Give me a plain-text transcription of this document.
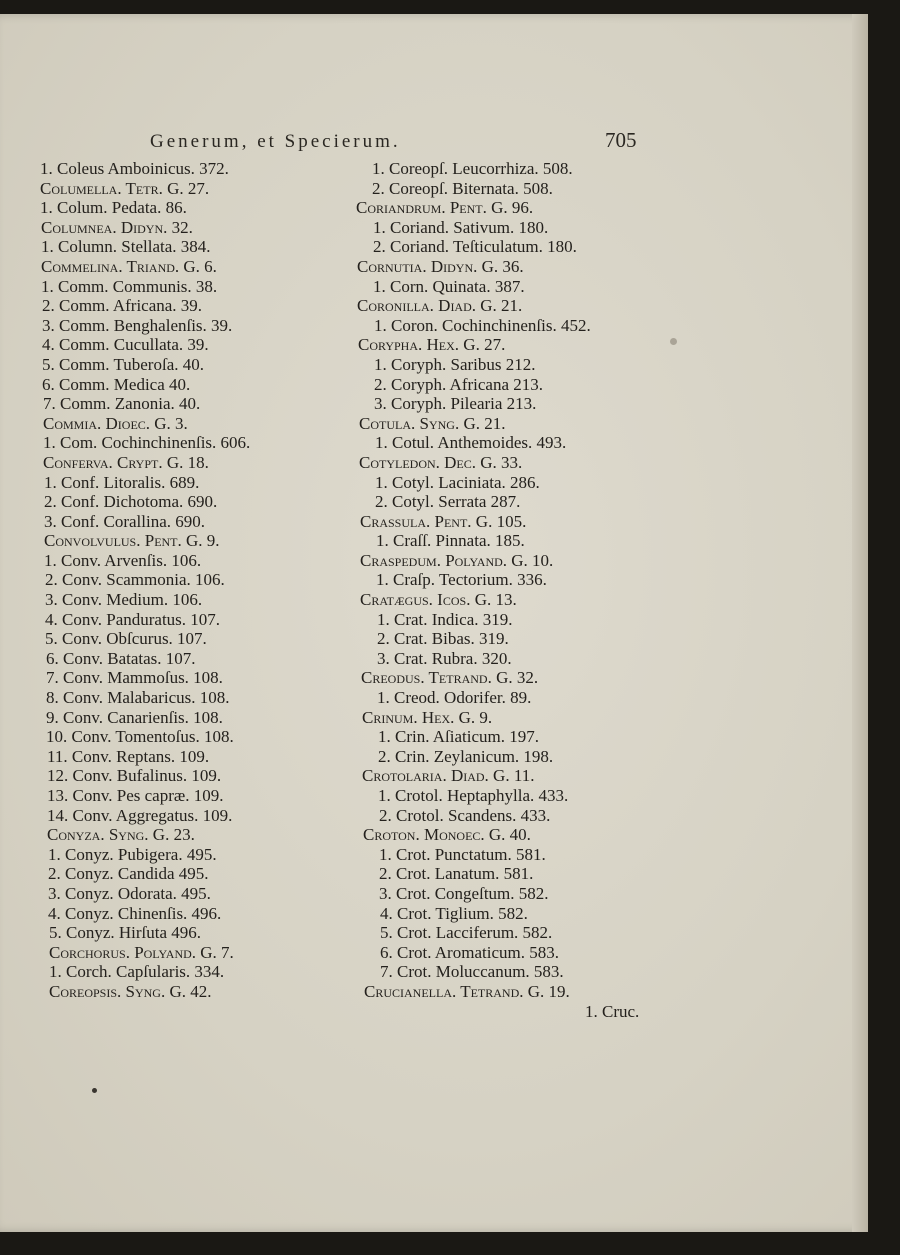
Generum, et Specierum.	705
1. Coleus Amboinicus. 372.
Columella. Tetr. G. 27.
1. Colum. Pedata. 86.
Columnea. Didyn. 32.
1. Column. Stellata. 384.
Commelina. Triand. G. 6.
1. Comm. Communis. 38.
2. Comm. Africana. 39.
3. Comm. Benghalenſis. 39.
4. Comm. Cucullata. 39.
5. Comm. Tuberoſa. 40.
6. Comm. Medica 40.
7. Comm. Zanonia. 40.
Commia. Dioec. G. 3.
1. Com. Cochinchinenſis. 606.
Conferva. Crypt. G. 18.
1. Conf. Litoralis. 689.
2. Conf. Dichotoma. 690.
3. Conf. Corallina. 690.
Convolvulus. Pent. G. 9.
1. Conv. Arvenſis. 106.
2. Conv. Scammonia. 106.
3. Conv. Medium. 106.
4. Conv. Panduratus. 107.
5. Conv. Obſcurus. 107.
6. Conv. Batatas. 107.
7. Conv. Mammoſus. 108.
8. Conv. Malabaricus. 108.
9. Conv. Canarienſis. 108.
10. Conv. Tomentoſus. 108.
11. Conv. Reptans. 109.
12. Conv. Bufalinus. 109.
13. Conv. Pes capræ. 109.
14. Conv. Aggregatus. 109.
Conyza. Syng. G. 23.
1. Conyz. Pubigera. 495.
2. Conyz. Candida 495.
3. Conyz. Odorata. 495.
4. Conyz. Chinenſis. 496.
5. Conyz. Hirſuta 496.
Corchorus. Polyand. G. 7.
1. Corch. Capſularis. 334.
Coreopsis. Syng. G. 42.
1. Coreopſ. Leucorrhiza. 508.
2. Coreopſ. Biternata. 508.
Coriandrum. Pent. G. 96.
1. Coriand. Sativum. 180.
2. Coriand. Teſticulatum. 180.
Cornutia. Didyn. G. 36.
1. Corn. Quinata. 387.
Coronilla. Diad. G. 21.
1. Coron. Cochinchinenſis. 452.
Corypha. Hex. G. 27.
1. Coryph. Saribus 212.
2. Coryph. Africana 213.
3. Coryph. Pilearia 213.
Cotula. Syng. G. 21.
1. Cotul. Anthemoides. 493.
Cotyledon. Dec. G. 33.
1. Cotyl. Laciniata. 286.
2. Cotyl. Serrata 287.
Crassula. Pent. G. 105.
1. Craſſ. Pinnata. 185.
Craspedum. Polyand. G. 10.
1. Craſp. Tectorium. 336.
Cratægus. Icoſ. G. 13.
1. Crat. Indica. 319.
2. Crat. Bibas. 319.
3. Crat. Rubra. 320.
Creodus. Tetrand. G. 32.
1. Creod. Odorifer. 89.
Crinum. Hex. G. 9.
1. Crin. Aſiaticum. 197.
2. Crin. Zeylanicum. 198.
Crotolaria. Diad. G. 11.
1. Crotol. Heptaphylla. 433.
2. Crotol. Scandens. 433.
Croton. Monoec. G. 40.
1. Crot. Punctatum. 581.
2. Crot. Lanatum. 581.
3. Crot. Congeſtum. 582.
4. Crot. Tiglium. 582.
5. Crot. Lacciferum. 582.
6. Crot. Aromaticum. 583.
7. Crot. Moluccanum. 583.
Crucianella. Tetrand. G. 19.
1. Cruc.
